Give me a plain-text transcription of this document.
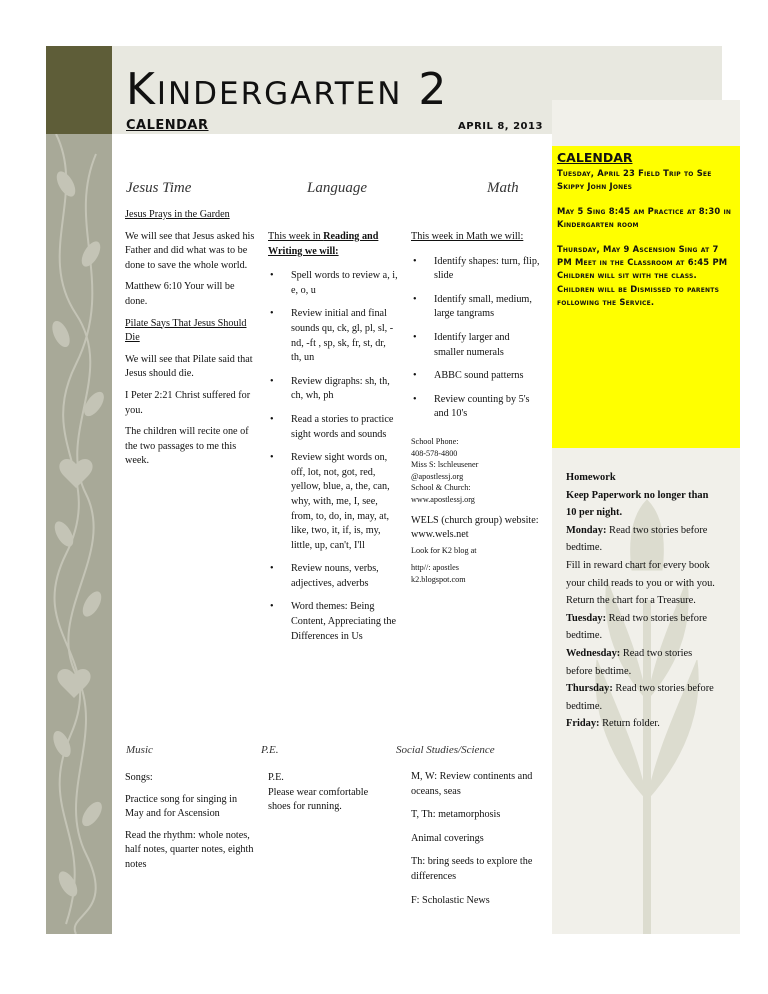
Kindergarten 2
CALENDAR	APRIL 8, 2013
Jesus Time	Language	Math

Jesus Prays in the Garden

We will see that Jesus asked his Father and did what was to be done to save the whole world.

Matthew 6:10 Your will be done.

Pilate Says That Jesus Should Die

We will see that Pilate said that Jesus should die.

I Peter 2:21 Christ suffered for you.

The children will recite one of the two passages to me this week.

This week in Reading and Writing we will:

• Spell words to review a, i, e, o, u
• Review initial and final sounds qu, ck, gl, pl, sl, -nd, -ft , sp, sk, fr, st, dr, th, un
• Review digraphs: sh, th, ch, wh, ph
• Read a stories to practice sight words and sounds
• Review sight words on, off, lot, not, got, red, yellow, blue, a, the, can, why, with, me, I, see, from, to, do, in, may, at, like, two, it, if, is, my, little, up, can't, I'll
• Review nouns, verbs, adjectives, adverbs
• Word themes: Being Content, Appreciating the Differences in Us

This week in Math we will:

• Identify shapes: turn, flip, slide
• Identify small, medium, large tangrams
• Identify larger and smaller numerals
• ABBC sound patterns
• Review counting by 5's and 10's
School Phone:
408-578-4800
Miss S: lschleusener
@apostlessj.org
School & Church:
www.apostlessj.org

WELS (church group) website: www.wels.net

Look for K2 blog at
http//: apostles k2.blogspot.com
CALENDAR
Tuesday, April 23 Field Trip to See Skippy John Jones
May 5 Sing 8:45 am Practice at 8:30 in Kindergarten room
Thursday, May 9 Ascension Sing at 7 PM Meet in the Classroom at 6:45 PM Children will sit with the class. Children will be Dismissed to parents following the Service.
Homework
Keep Paperwork no longer than 10 per night.
Monday: Read two stories before bedtime.
Fill in reward chart for every book your child reads to you or with you. Return the chart for a Treasure.
Tuesday: Read two stories before bedtime.
Wednesday: Read two stories before bedtime.
Thursday: Read two stories before bedtime.
Friday: Return folder.
Music	P.E.	Social Studies/Science

Songs:

Practice song for singing in May and for Ascension

Read the rhythm: whole notes, half notes, quarter notes, eighth notes

P.E.
Please wear comfortable shoes for running.

M, W: Review continents and oceans, seas

T, Th: metamorphosis

Animal coverings

Th: bring seeds to explore the differences

F: Scholastic News
